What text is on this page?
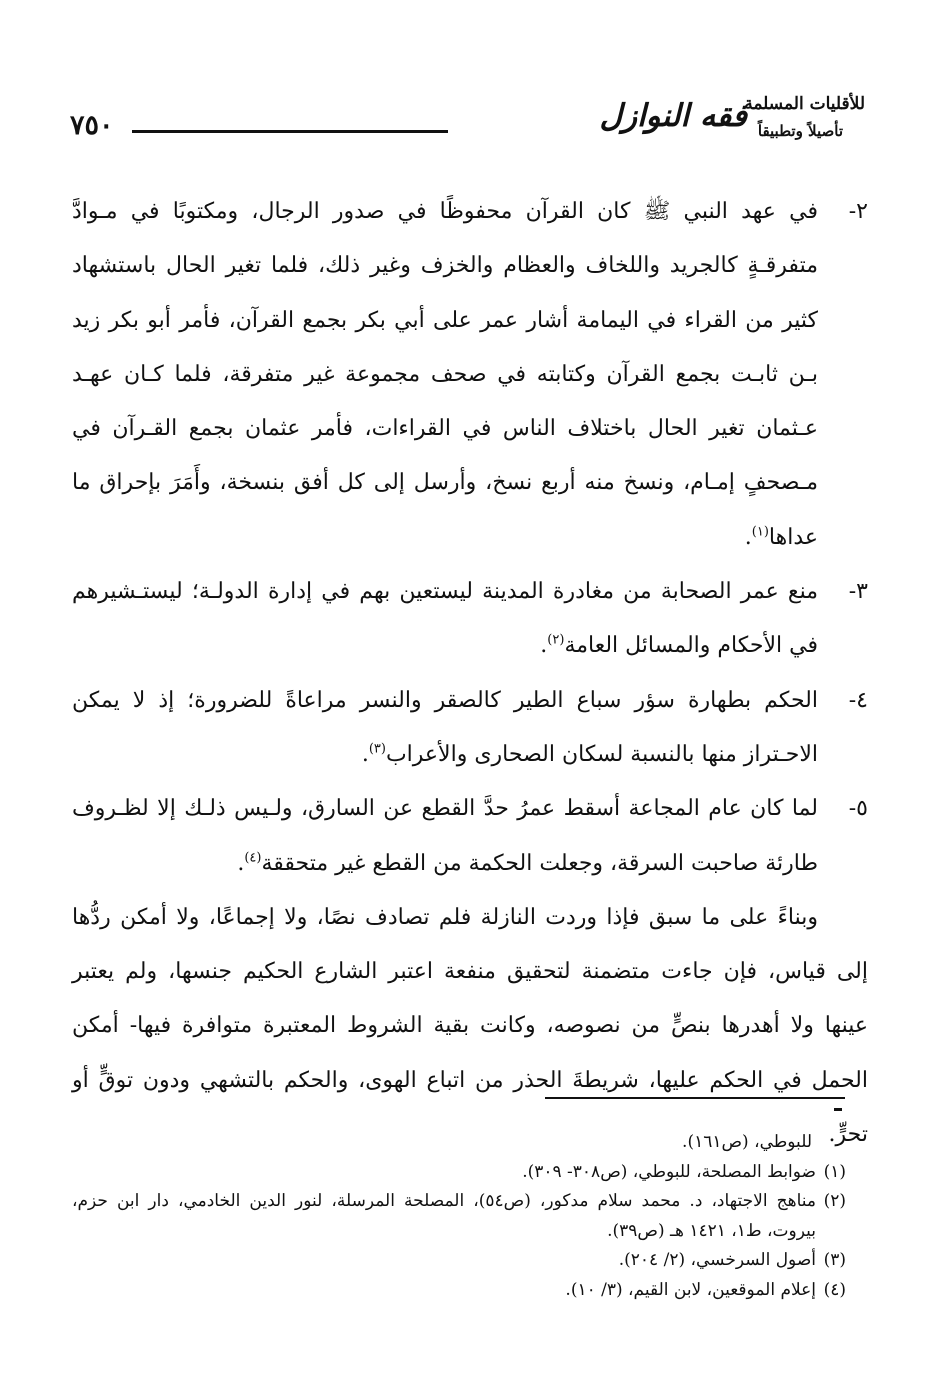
٧٥٠
للأقليات المسلمة
تأصيلاً وتطبيقاً
فقه النوازل

٢-
في عهد النبي ﷺ كان القرآن محفوظًا في صدور الرجال، ومكتوبًا في مـوادَّ متفرقـةٍ كالجريد واللخاف والعظام والخزف وغير ذلك، فلما تغير الحال باستشهاد كثير من القراء في اليمامة أشار عمر على أبي بكر بجمع القرآن، فأمر أبو بكر زيد بـن ثابـت بجمع القرآن وكتابته في صحف مجموعة غير متفرقة، فلما كـان عهـد عـثمان تغير الحال باختلاف الناس في القراءات، فأمر عثمان بجمع القـرآن في مـصحفٍ إمـام، ونسخ منه أربع نسخ، وأرسل إلى كل أفق بنسخة، وأَمَرَ بإحراق ما عداها$^{(١)}$.

٣-
منع عمر الصحابة من مغادرة المدينة ليستعين بهم في إدارة الدولـة؛ ليستـشيرهم في الأحكام والمسائل العامة$^{(٢)}$.

٤-
الحكم بطهارة سؤر سباع الطير كالصقر والنسر مراعاةً للضرورة؛ إذ لا يمكن الاحـتراز منها بالنسبة لسكان الصحارى والأعراب$^{(٣)}$.

٥-
لما كان عام المجاعة أسقط عمرُ حدَّ القطع عن السارق، ولـيس ذلـك إلا لظـروف طارئة صاحبت السرقة، وجعلت الحكمة من القطع غير متحققة$^{(٤)}$.

وبناءً على ما سبق فإذا وردت النازلة فلم تصادف نصًا، ولا إجماعًا، ولا أمكن ردُّها إلى قياس، فإن جاءت متضمنة لتحقيق منفعة اعتبر الشارع الحكيم جنسها، ولم يعتبر عينها ولا أهدرها بنصٍّ من نصوصه، وكانت بقية الشروط المعتبرة متوافرة فيها- أمكن الحمل في الحكم عليها، شريطةَ الحذر من اتباع الهوى، والحكم بالتشهي ودون توقٍّ أو تحرٍّ.

للبوطي، (ص١٦١).

(١)
ضوابط المصلحة، للبوطي، (ص٣٠٨- ٣٠٩).

(٢)
مناهج الاجتهاد، د. محمد سلام مدكور، (ص٥٤)، المصلحة المرسلة، لنور الدين الخادمي، دار ابن حزم، بيروت، ط١، ١٤٢١ هـ (ص٣٩).

(٣)
أصول السرخسي، (٢/ ٢٠٤).

(٤)
إعلام الموقعين، لابن القيم، (٣/ ١٠).
